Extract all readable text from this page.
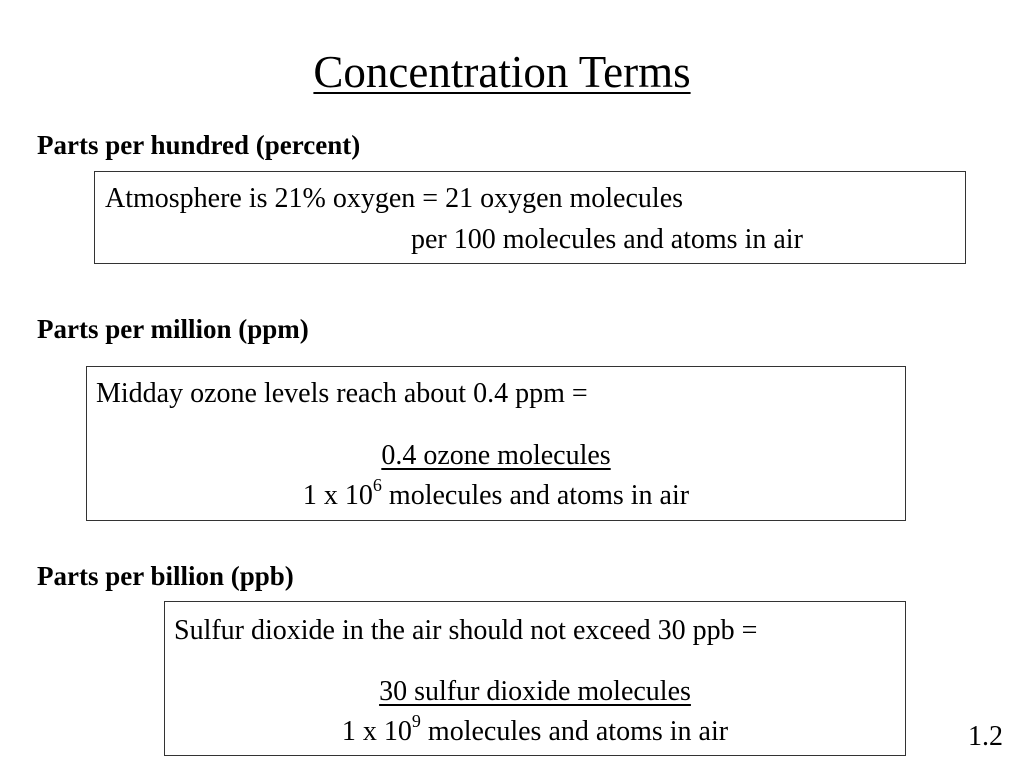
Concentration Terms
Parts per hundred (percent)
Atmosphere is 21% oxygen = 21 oxygen molecules
per 100 molecules and atoms in air
Parts per million (ppm)
Midday ozone levels reach about 0.4 ppm =
0.4 ozone molecules
1 x $10^6$ molecules and atoms in air
Parts per billion (ppb)
Sulfur dioxide in the air should not exceed 30 ppb =
30 sulfur dioxide molecules
1 x $10^9$ molecules and atoms in air	1.2
